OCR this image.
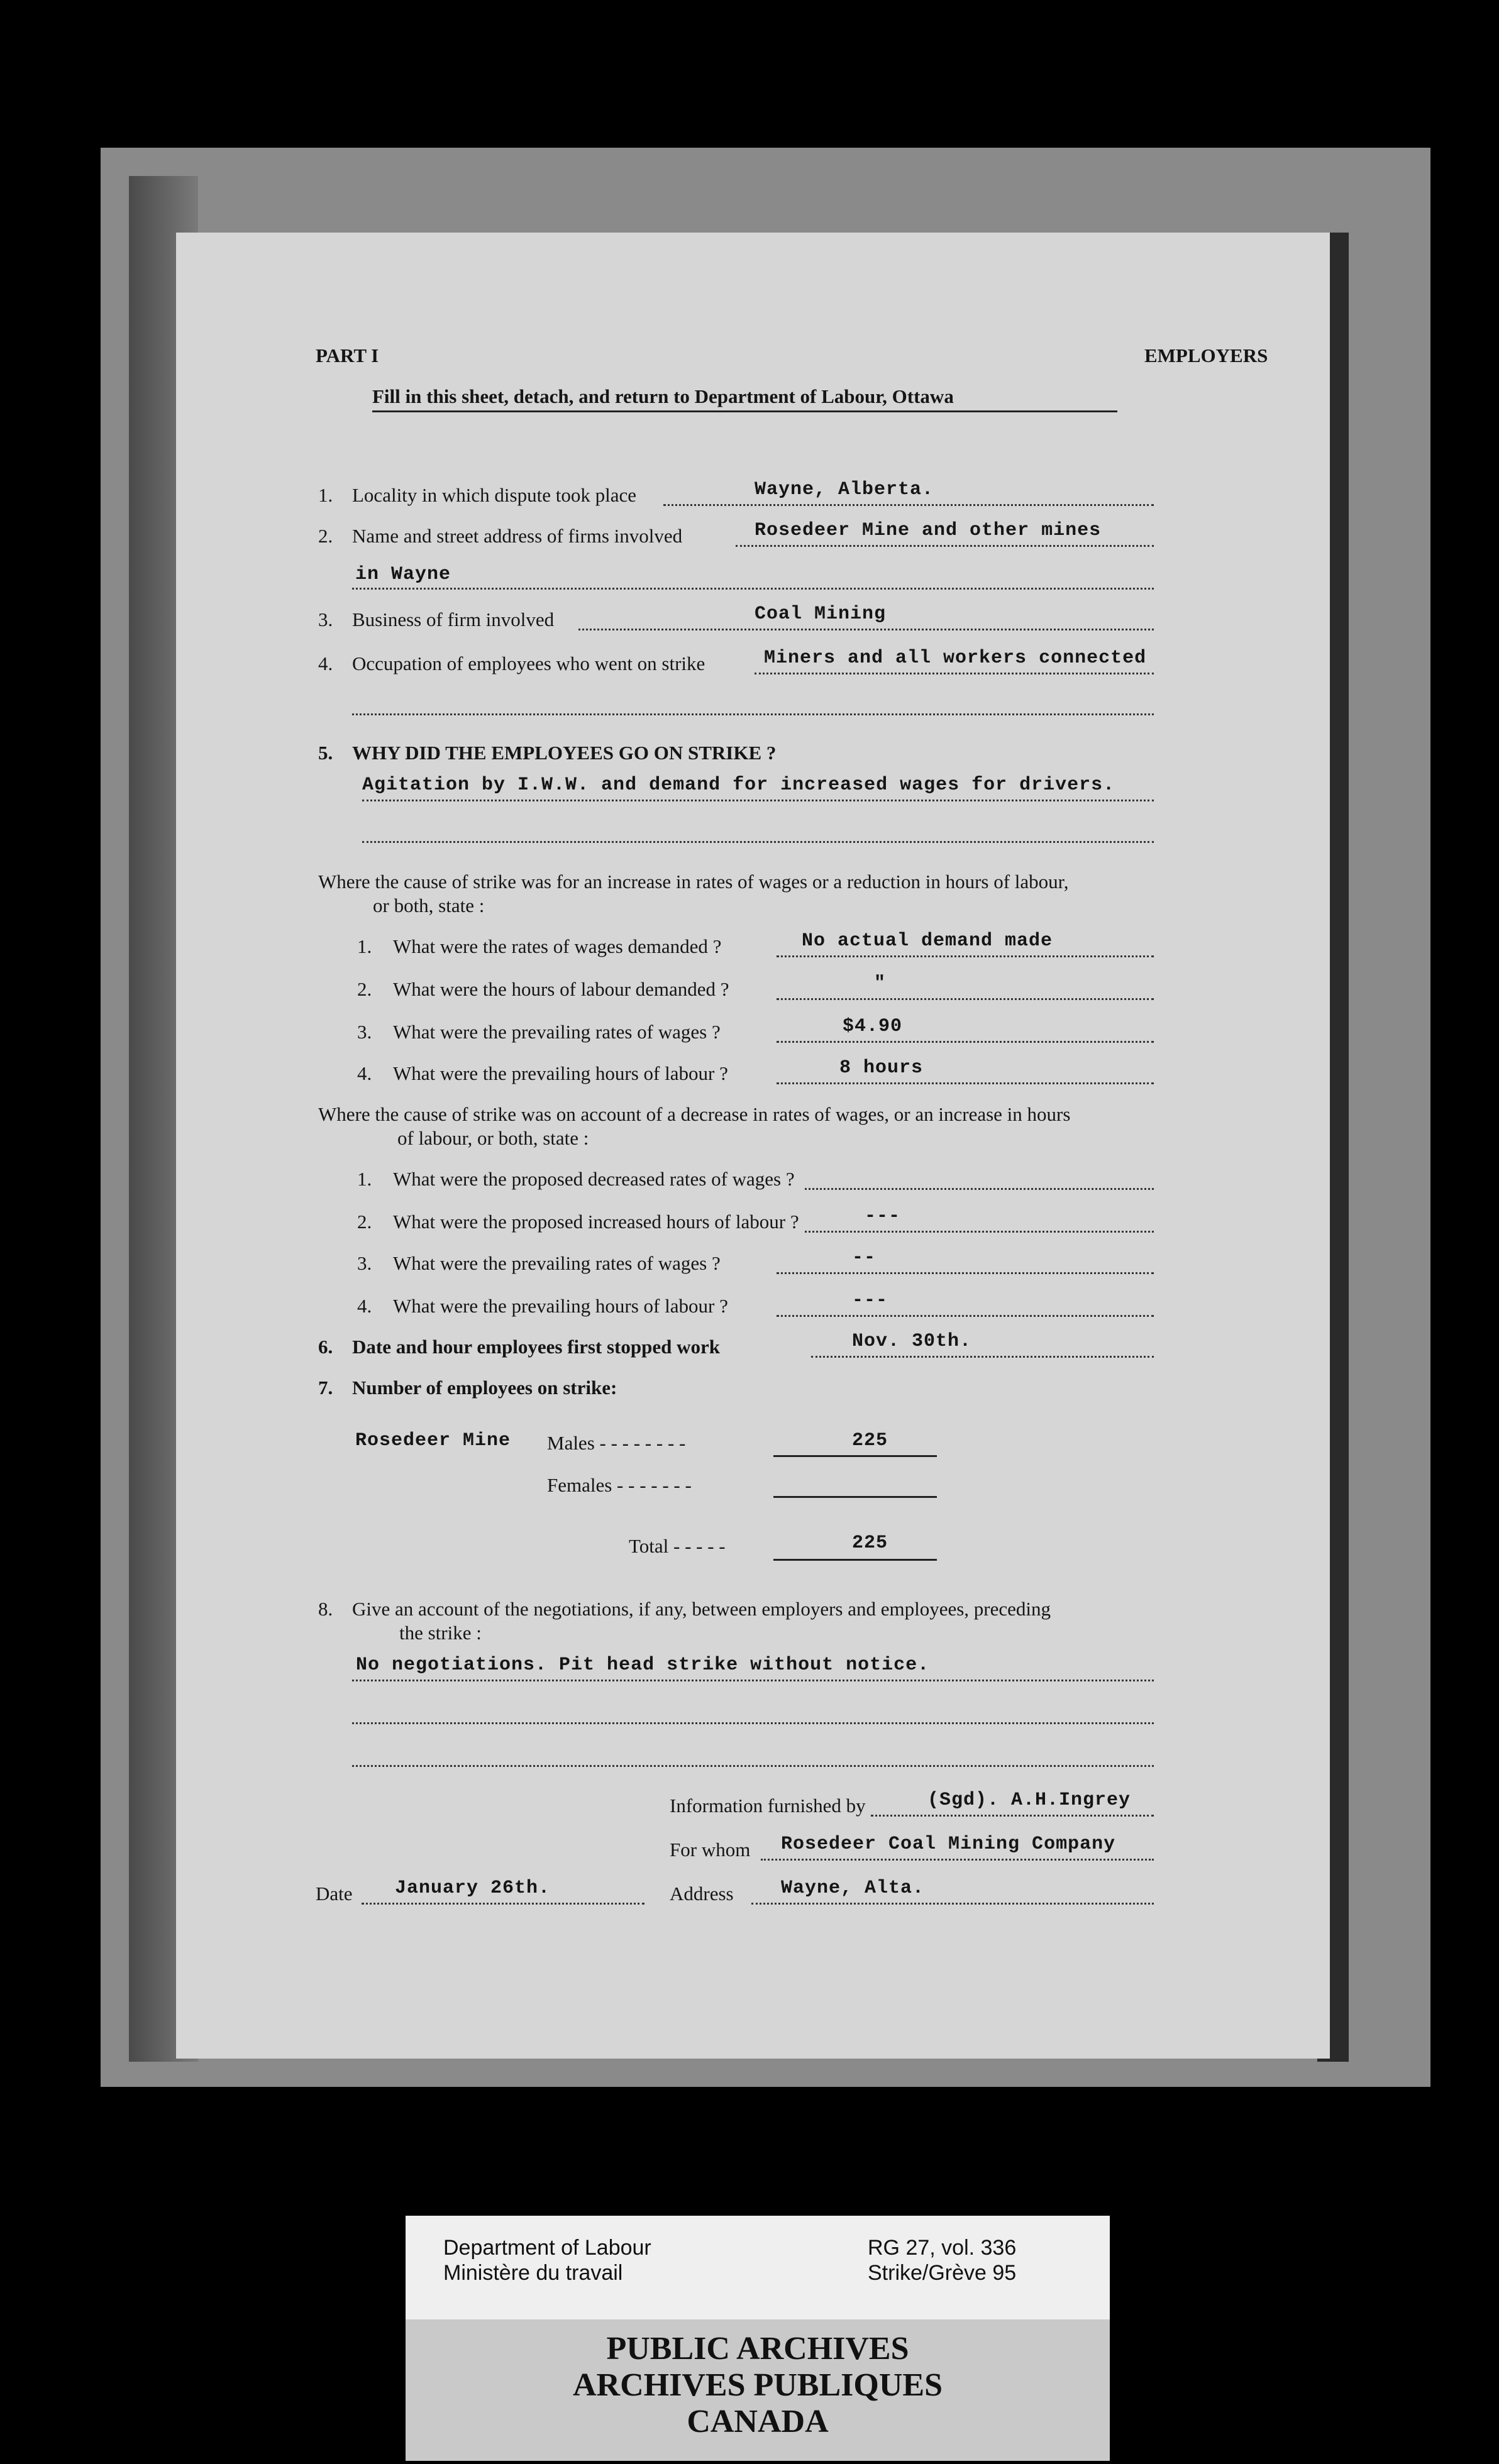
PART I	EMPLOYERS
Fill in this sheet, detach, and return to Department of Labour, Ottawa
1. Locality in which dispute took place	Wayne, Alberta.
2. Name and street address of firms involved	Rosedeer Mine and other mines
in Wayne
3. Business of firm involved	Coal Mining
4. Occupation of employees who went on strike	Miners and all workers connected
5. WHY DID THE EMPLOYEES GO ON STRIKE ?
Agitation by I.W.W. and demand for increased wages for drivers.
Where the cause of strike was for an increase in rates of wages or a reduction in hours of labour,
or both, state :
1. What were the rates of wages demanded ?	No actual demand made
2. What were the hours of labour demanded ?	"
3. What were the prevailing rates of wages ?	$4.90
4. What were the prevailing hours of labour ?	8 hours
Where the cause of strike was on account of a decrease in rates of wages, or an increase in hours
of labour, or both, state :
1. What were the proposed decreased rates of wages ?
2. What were the proposed increased hours of labour ?	---
3. What were the prevailing rates of wages ?	--
4. What were the prevailing hours of labour ?	---
6. Date and hour employees first stopped work	Nov. 30th.
7. Number of employees on strike:
Rosedeer Mine Males - - - - - - - -	225
Females - - - - - - -
Total - - - - -	225
8. Give an account of the negotiations, if any, between employers and employees, preceding
the strike :
No negotiations. Pit head strike without notice.
Information furnished by	(Sgd). A.H.Ingrey
For whom Rosedeer Coal Mining Company
Date January 26th.	Address	Wayne, Alta.
Department of Labour
Ministère du travail
RG 27, vol. 336
Strike/Grève 95
PUBLIC ARCHIVES
ARCHIVES PUBLIQUES
CANADA
